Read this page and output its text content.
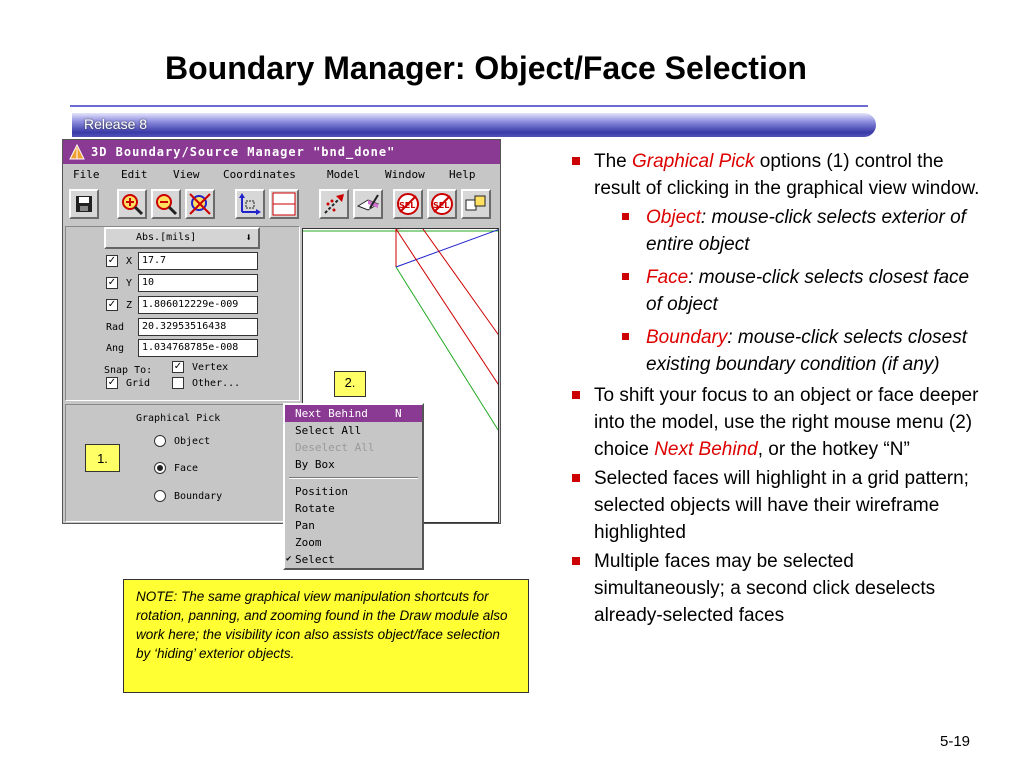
Boundary Manager: Object/Face Selection
Release 8
3D Boundary/Source Manager "bnd_done"
File Edit View Coordinates	Model Window Help
SEL SEL
Abs.[mils]	⬇
✓ X 17.7
✓ Y 10
✓ Z 1.806012229e-009
Rad	20.32953516438
Ang	1.034768785e-008
Snap To: ✓ Vertex
✓ Grid	Other...
Graphical Pick
Object
Face
Boundary
2.
1.
Next Behind N
Select All
Deselect All
By Box
Position
Rotate
Pan
Zoom
✔ Select
NOTE: The same graphical view manipulation shortcuts for rotation, panning, and zooming found in the Draw module also work here; the visibility icon also assists object/face selection by ‘hiding’ exterior objects.
The Graphical Pick options (1) control the result of clicking in the graphical view window.
Object: mouse-click selects exterior of entire object
Face: mouse-click selects closest face of object
Boundary: mouse-click selects closest existing boundary condition (if any)
To shift your focus to an object or face deeper into the model, use the right mouse menu (2) choice Next Behind, or the hotkey “N”
Selected faces will highlight in a grid pattern; selected objects will have their wireframe highlighted
Multiple faces may be selected simultaneously; a second click deselects already-selected faces
5-19
